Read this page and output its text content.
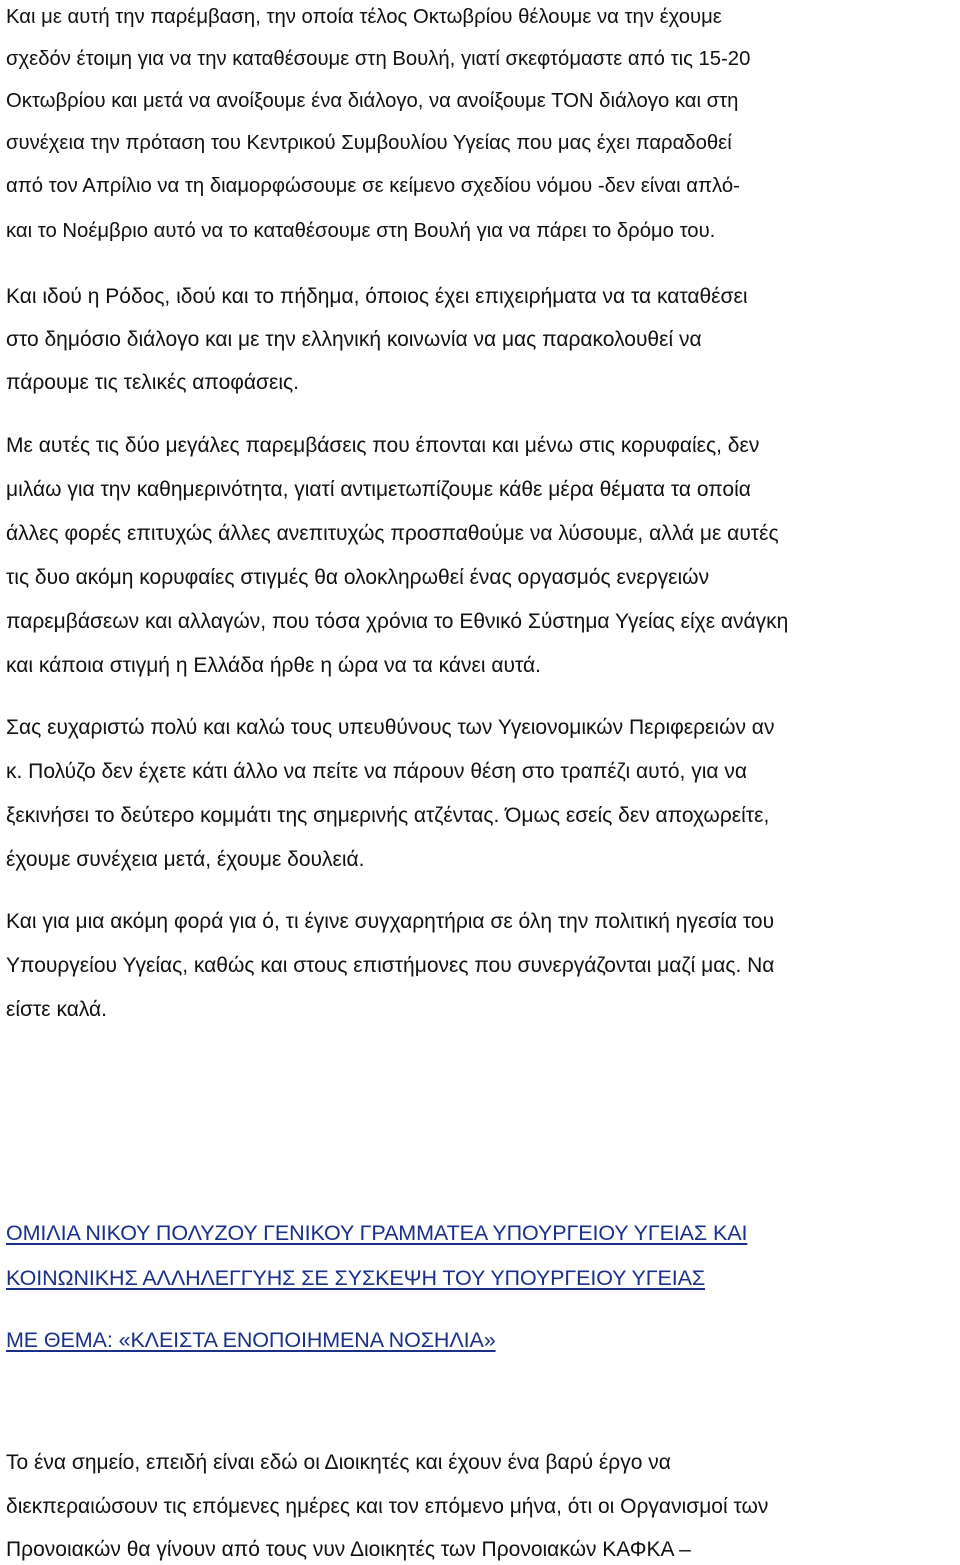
Και με αυτή την παρέμβαση, την οποία τέλος Οκτωβρίου θέλουμε να την έχουμε
σχεδόν έτοιμη για να την καταθέσουμε στη Βουλή, γιατί σκεφτόμαστε από τις 15-20
Οκτωβρίου και μετά να ανοίξουμε ένα διάλογο, να ανοίξουμε ΤΟΝ διάλογο και στη
συνέχεια την πρόταση του Κεντρικού Συμβουλίου Υγείας που μας έχει παραδοθεί
από τον Απρίλιο να τη διαμορφώσουμε σε κείμενο σχεδίου νόμου -δεν είναι απλό-
και το Νοέμβριο αυτό να το καταθέσουμε στη Βουλή για να πάρει το δρόμο του.
Και ιδού η Ρόδος, ιδού και το πήδημα, όποιος έχει επιχειρήματα να τα καταθέσει
στο δημόσιο διάλογο και με την ελληνική κοινωνία να μας παρακολουθεί να
πάρουμε τις τελικές αποφάσεις.
Με αυτές τις δύο μεγάλες παρεμβάσεις που έπονται και μένω στις κορυφαίες, δεν
μιλάω για την καθημερινότητα, γιατί αντιμετωπίζουμε κάθε μέρα θέματα τα οποία
άλλες φορές επιτυχώς άλλες ανεπιτυχώς προσπαθούμε να λύσουμε, αλλά με αυτές
τις δυο ακόμη κορυφαίες στιγμές θα ολοκληρωθεί ένας οργασμός ενεργειών
παρεμβάσεων και αλλαγών, που τόσα χρόνια το Εθνικό Σύστημα Υγείας είχε ανάγκη
και κάποια στιγμή η Ελλάδα ήρθε η ώρα να τα κάνει αυτά.
Σας ευχαριστώ πολύ και καλώ τους υπευθύνους των Υγειονομικών Περιφερειών αν
κ. Πολύζο δεν έχετε κάτι άλλο να πείτε να πάρουν θέση στο τραπέζι αυτό, για να
ξεκινήσει το δεύτερο κομμάτι της σημερινής ατζέντας. Όμως εσείς δεν αποχωρείτε,
έχουμε συνέχεια μετά, έχουμε δουλειά.
Και για μια ακόμη φορά για ό, τι έγινε συγχαρητήρια σε όλη την πολιτική ηγεσία του
Υπουργείου Υγείας, καθώς και στους επιστήμονες που συνεργάζονται μαζί μας. Να
είστε καλά.
ΟΜΙΛΙΑ ΝΙΚΟΥ ΠΟΛΥΖΟΥ ΓΕΝΙΚΟΥ ΓΡΑΜΜΑΤΕΑ ΥΠΟΥΡΓΕΙΟΥ ΥΓΕΙΑΣ ΚΑΙ
ΚΟΙΝΩΝΙΚΗΣ ΑΛΛΗΛΕΓΓΥΗΣ ΣΕ ΣΥΣΚΕΨΗ ΤΟΥ ΥΠΟΥΡΓΕΙΟΥ ΥΓΕΙΑΣ
ΜΕ ΘΕΜΑ: «ΚΛΕΙΣΤΑ ΕΝΟΠΟΙΗΜΕΝΑ ΝΟΣΗΛΙΑ»
Το ένα σημείο, επειδή είναι εδώ οι Διοικητές και έχουν ένα βαρύ έργο να
διεκπεραιώσουν τις επόμενες ημέρες και τον επόμενο μήνα, ότι οι Οργανισμοί των
Προνοιακών θα γίνουν από τους νυν Διοικητές των Προνοιακών ΚΑΦΚΑ –
